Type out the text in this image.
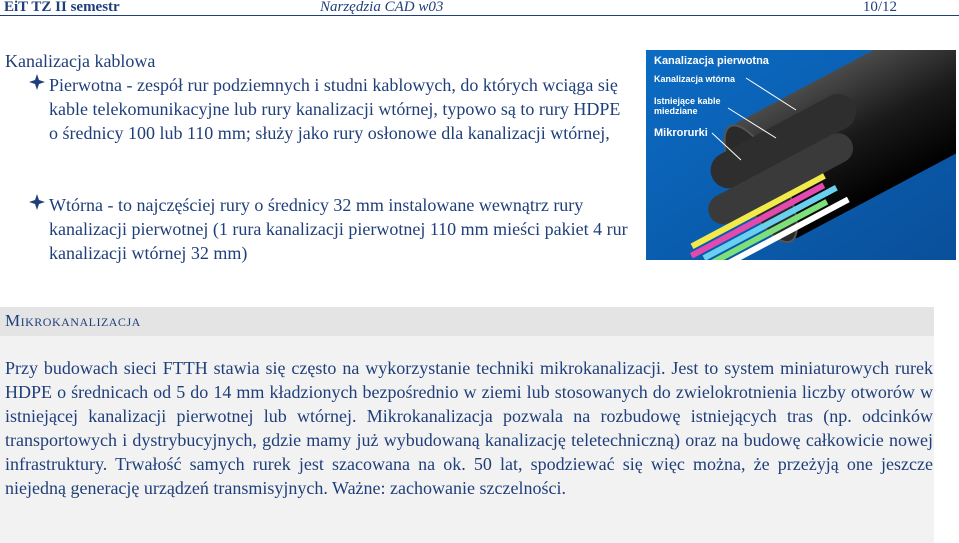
EiT TZ II semestr	Narzędzia CAD w03	10/12
Kanalizacja kablowa
Pierwotna - zespół rur podziemnych i studni kablowych, do których wciąga się kable telekomunikacyjne lub rury kanalizacji wtórnej, typowo są to rury HDPE o średnicy 100 lub 110 mm; służy jako rury osłonowe dla kanalizacji wtórnej,
Wtórna - to najczęściej rury o średnicy 32 mm instalowane wewnątrz rury kanalizacji pierwotnej (1 rura kanalizacji pierwotnej 110 mm mieści pakiet 4 rur kanalizacji wtórnej 32 mm)
Kanalizacja pierwotna
Kanalizacja wtórna
Istniejące kable
miedziane
Mikrorurki
Mikrokanalizacja

Przy budowach sieci FTTH stawia się często na wykorzystanie techniki mikrokanalizacji. Jest to system miniaturowych rurek HDPE o średnicach od 5 do 14 mm kładzionych bezpośrednio w ziemi lub stosowanych do zwielokrotnienia liczby otworów w istniejącej kanalizacji pierwotnej lub wtórnej. Mikrokanalizacja pozwala na rozbudowę istniejących tras (np. odcinków transportowych i dystrybucyjnych, gdzie mamy już wybudowaną kanalizację teletechniczną) oraz na budowę całkowicie nowej infrastruktury. Trwałość samych rurek jest szacowana na ok. 50 lat, spodziewać się więc można, że przeżyją one jeszcze niejedną generację urządzeń transmisyjnych. Ważne: zachowanie szczelności.
